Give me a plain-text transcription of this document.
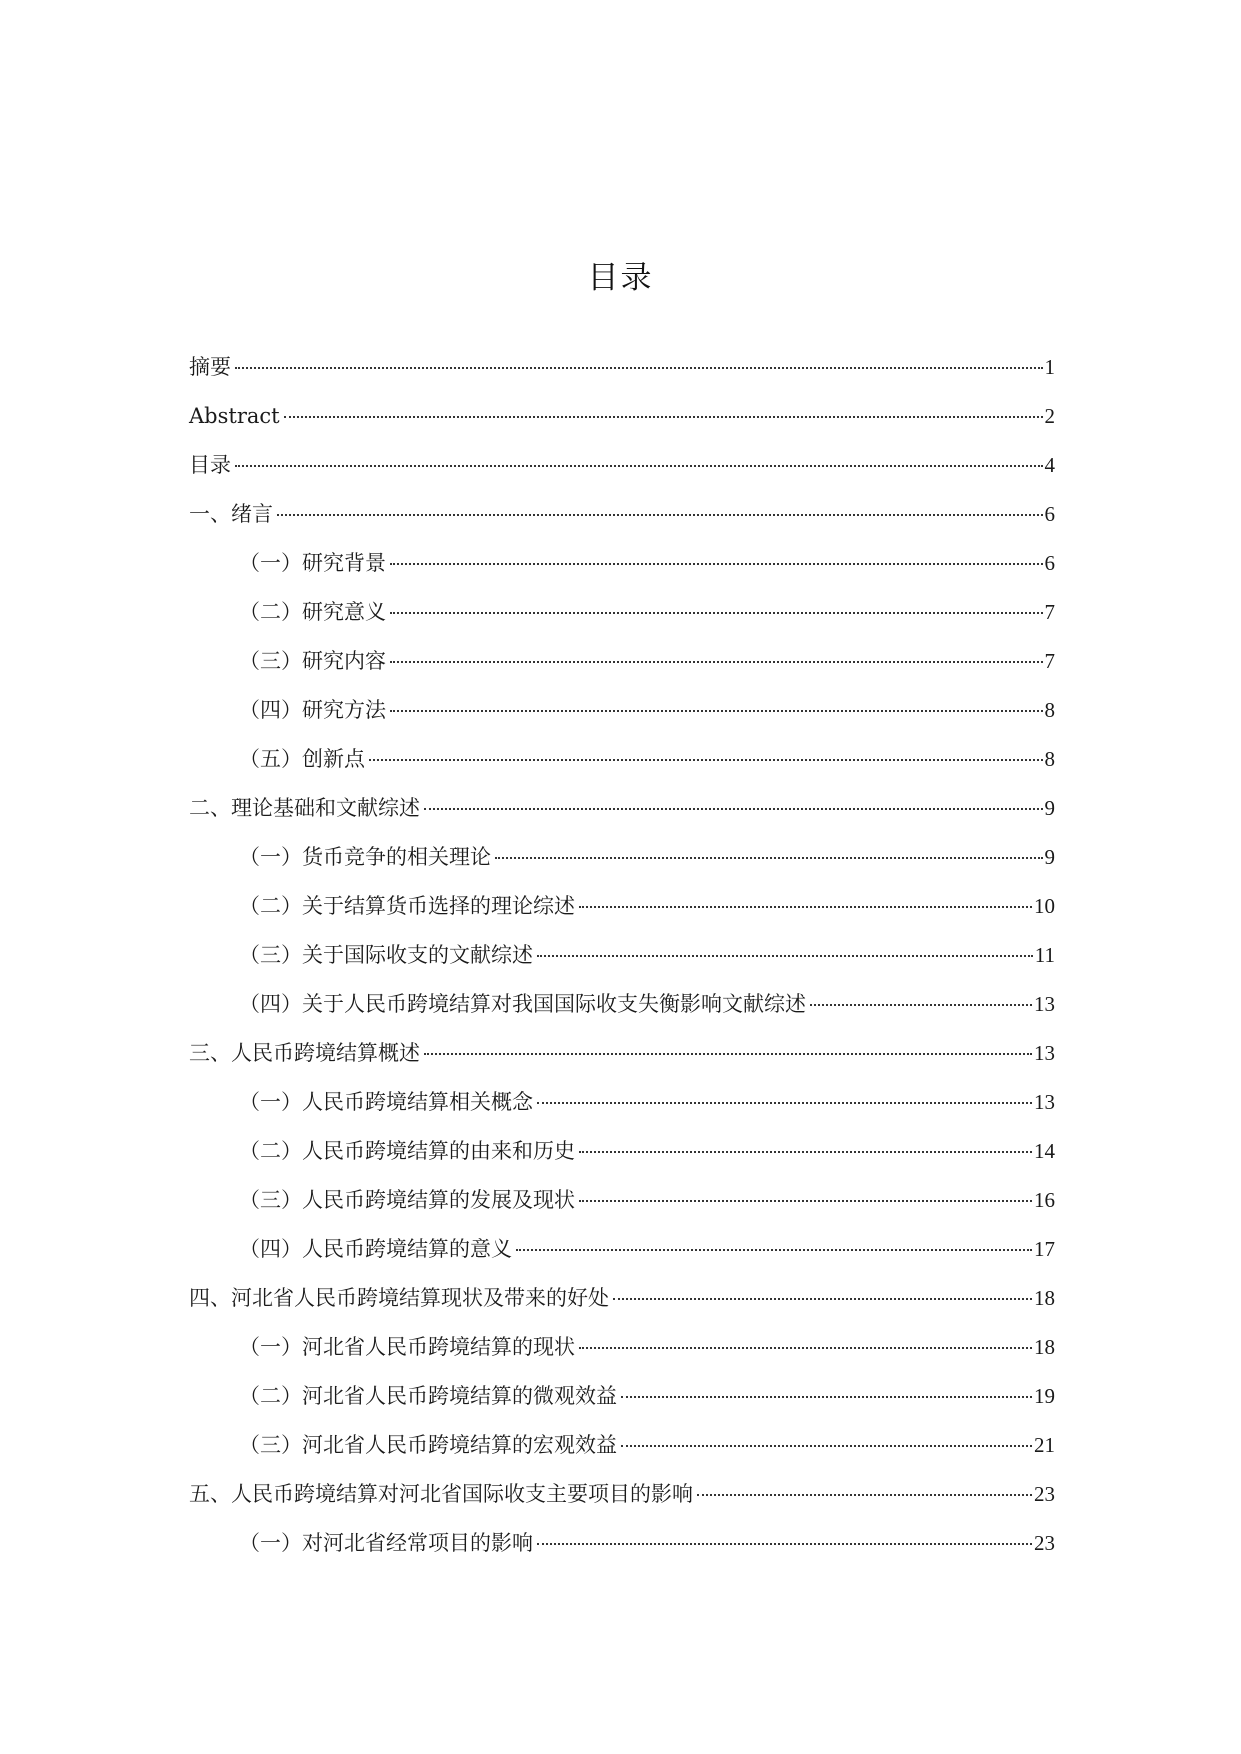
目录
摘要	1
Abstract	2
目录	4
一、绪言	6
（一）研究背景	6
（二）研究意义	7
（三）研究内容	7
（四）研究方法	8
（五）创新点	8
二、理论基础和文献综述	9
（一）货币竞争的相关理论	9
（二）关于结算货币选择的理论综述	10
（三）关于国际收支的文献综述	11
（四）关于人民币跨境结算对我国国际收支失衡影响文献综述	13
三、人民币跨境结算概述	13
（一）人民币跨境结算相关概念	13
（二）人民币跨境结算的由来和历史	14
（三）人民币跨境结算的发展及现状	16
（四）人民币跨境结算的意义	17
四、河北省人民币跨境结算现状及带来的好处	18
（一）河北省人民币跨境结算的现状	18
（二）河北省人民币跨境结算的微观效益	19
（三）河北省人民币跨境结算的宏观效益	21
五、人民币跨境结算对河北省国际收支主要项目的影响	23
（一）对河北省经常项目的影响	23
